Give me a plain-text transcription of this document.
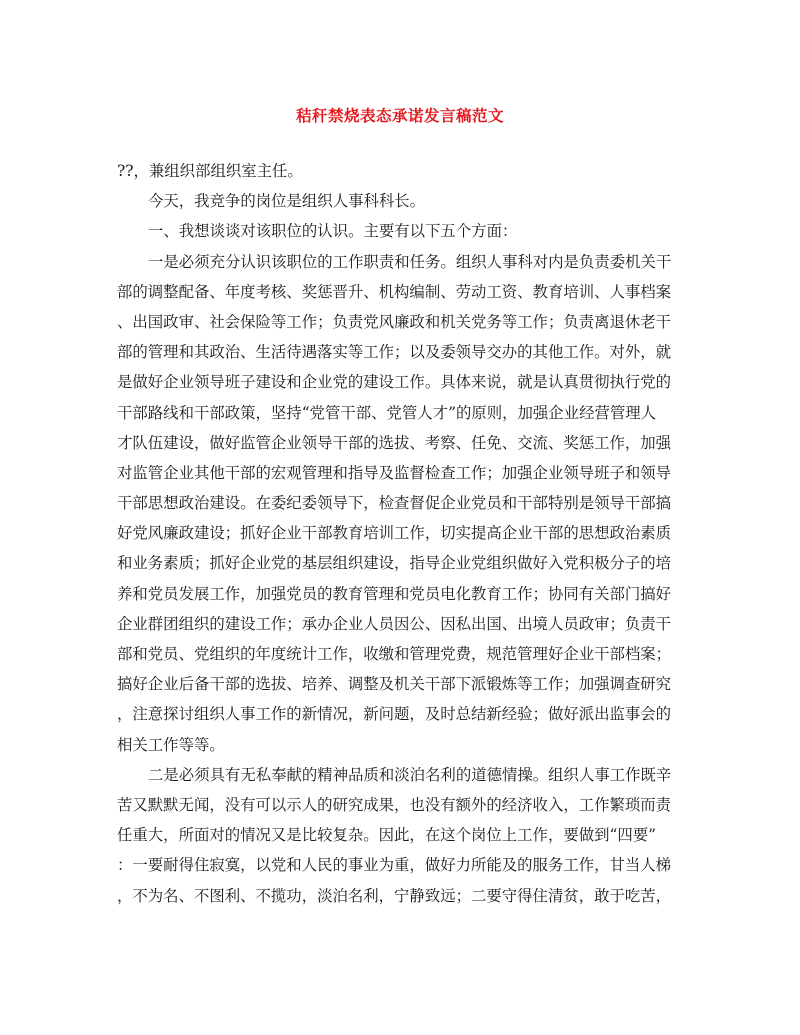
秸秆禁烧表态承诺发言稿范文
??，兼组织部组织室主任。
今天，我竞争的岗位是组织人事科科长。
一、我想谈谈对该职位的认识。主要有以下五个方面：
一是必须充分认识该职位的工作职责和任务。组织人事科对内是负责委机关干
部的调整配备、年度考核、奖惩晋升、机构编制、劳动工资、教育培训、人事档案
、出国政审、社会保险等工作；负责党风廉政和机关党务等工作；负责离退休老干
部的管理和其政治、生活待遇落实等工作；以及委领导交办的其他工作。对外，就
是做好企业领导班子建设和企业党的建设工作。具体来说，就是认真贯彻执行党的
干部路线和干部政策，坚持“党管干部、党管人才”的原则，加强企业经营管理人
才队伍建设，做好监管企业领导干部的选拔、考察、任免、交流、奖惩工作，加强
对监管企业其他干部的宏观管理和指导及监督检查工作；加强企业领导班子和领导
干部思想政治建设。在委纪委领导下，检查督促企业党员和干部特别是领导干部搞
好党风廉政建设；抓好企业干部教育培训工作，切实提高企业干部的思想政治素质
和业务素质；抓好企业党的基层组织建设，指导企业党组织做好入党积极分子的培
养和党员发展工作，加强党员的教育管理和党员电化教育工作；协同有关部门搞好
企业群团组织的建设工作；承办企业人员因公、因私出国、出境人员政审；负责干
部和党员、党组织的年度统计工作，收缴和管理党费，规范管理好企业干部档案；
搞好企业后备干部的选拔、培养、调整及机关干部下派锻炼等工作；加强调查研究
，注意探讨组织人事工作的新情况，新问题，及时总结新经验；做好派出监事会的
相关工作等等。
二是必须具有无私奉献的精神品质和淡泊名利的道德情操。组织人事工作既辛
苦又默默无闻，没有可以示人的研究成果，也没有额外的经济收入，工作繁琐而责
任重大，所面对的情况又是比较复杂。因此，在这个岗位上工作，要做到“四要”
：一要耐得住寂寞，以党和人民的事业为重，做好力所能及的服务工作，甘当人梯
，不为名、不图利、不揽功，淡泊名利，宁静致远；二要守得住清贫，敢于吃苦，
